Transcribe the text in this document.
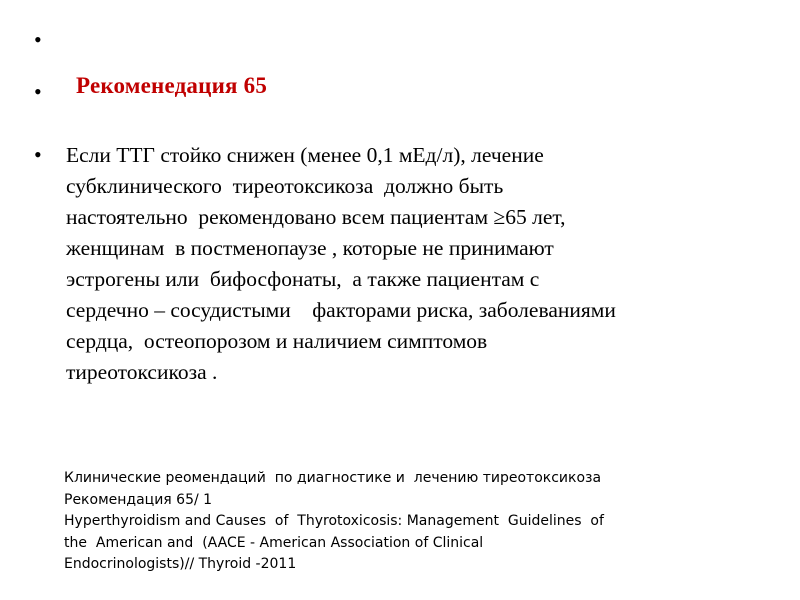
•
• Рекоменедация 65
• Если ТТГ стойко снижен (менее 0,1 мЕд/л), лечение
субклинического  тиреотоксикоза  должно быть
настоятельно  рекомендовано всем пациентам ≥65 лет,
женщинам  в постменопаузе , которые не принимают
эстрогены или  бифосфонаты,  а также пациентам с
сердечно – сосудистыми    факторами риска, заболеваниями
сердца,  остеопорозом и наличием симптомов
тиреотоксикоза .
Клинические реомендаций  по диагностике и  лечению тиреотоксикоза
Рекомендация 65/ 1
Hyperthyroidism and Causes  of  Thyrotoxicosis: Management  Guidelines  of
the  American and  (AACE - American Association of Clinical
Endocrinologists)// Thyroid -2011
